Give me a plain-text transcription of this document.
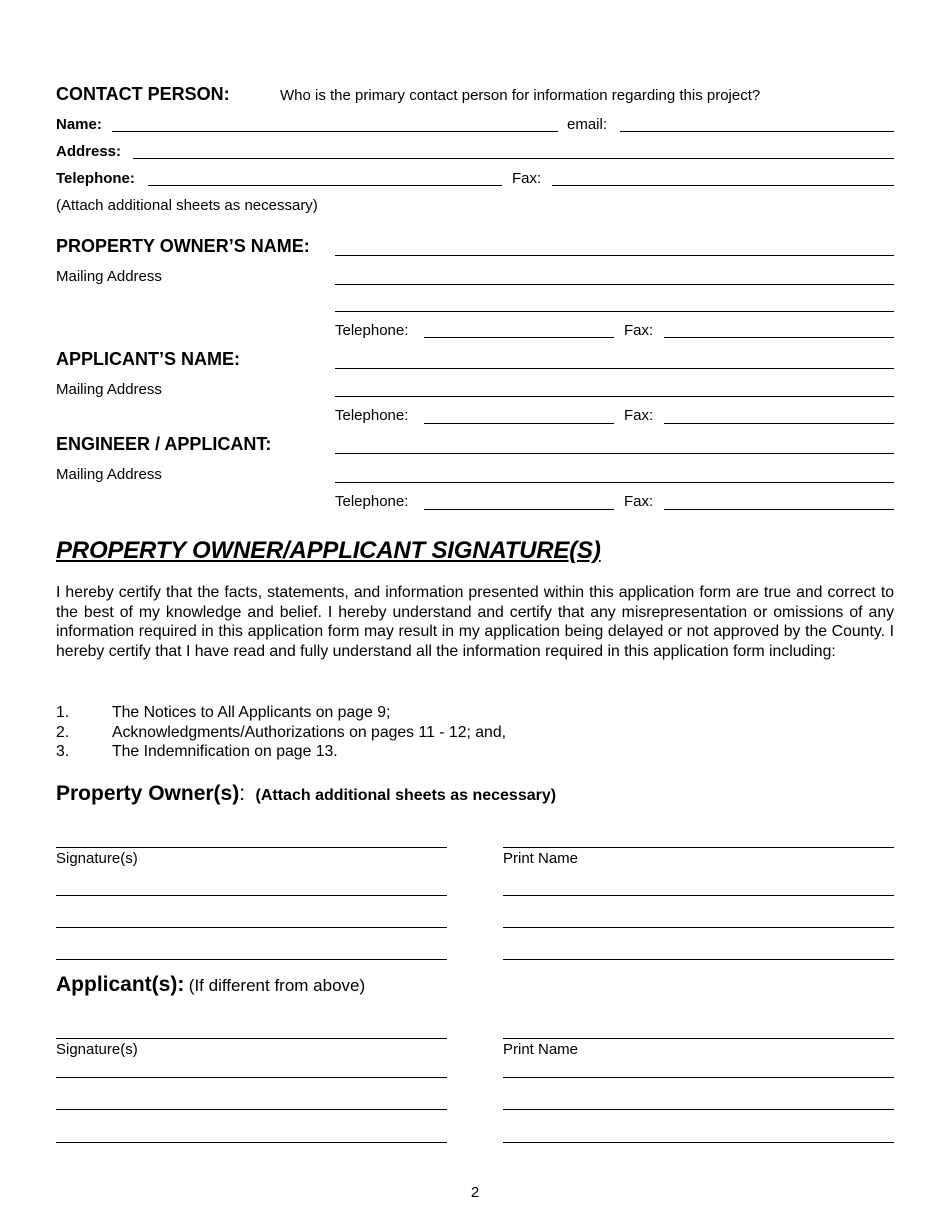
CONTACT PERSON:	Who is the primary contact person for information regarding this project?
Name:	email:
Address:
Telephone:	Fax:
(Attach additional sheets as necessary)
PROPERTY OWNER’S NAME:
Mailing Address
Telephone:	Fax:
APPLICANT’S NAME:
Mailing Address
Telephone:	Fax:
ENGINEER / APPLICANT:
Mailing Address
Telephone:	Fax:
PROPERTY OWNER/APPLICANT SIGNATURE(S)
I hereby certify that the facts, statements, and information presented within this application form are true and correct to the best of my knowledge and belief. I hereby understand and certify that any misrepresentation or omissions of any information required in this application form may result in my application being delayed or not approved by the County. I hereby certify that I have read and fully understand all the information required in this application form including:
1.	The Notices to All Applicants on page 9;
2.	Acknowledgments/Authorizations on pages 11 - 12; and,
3.	The Indemnification on page 13.
Property Owner(s): (Attach additional sheets as necessary)
Signature(s)	Print Name
Applicant(s): (If different from above)
Signature(s)	Print Name
2
